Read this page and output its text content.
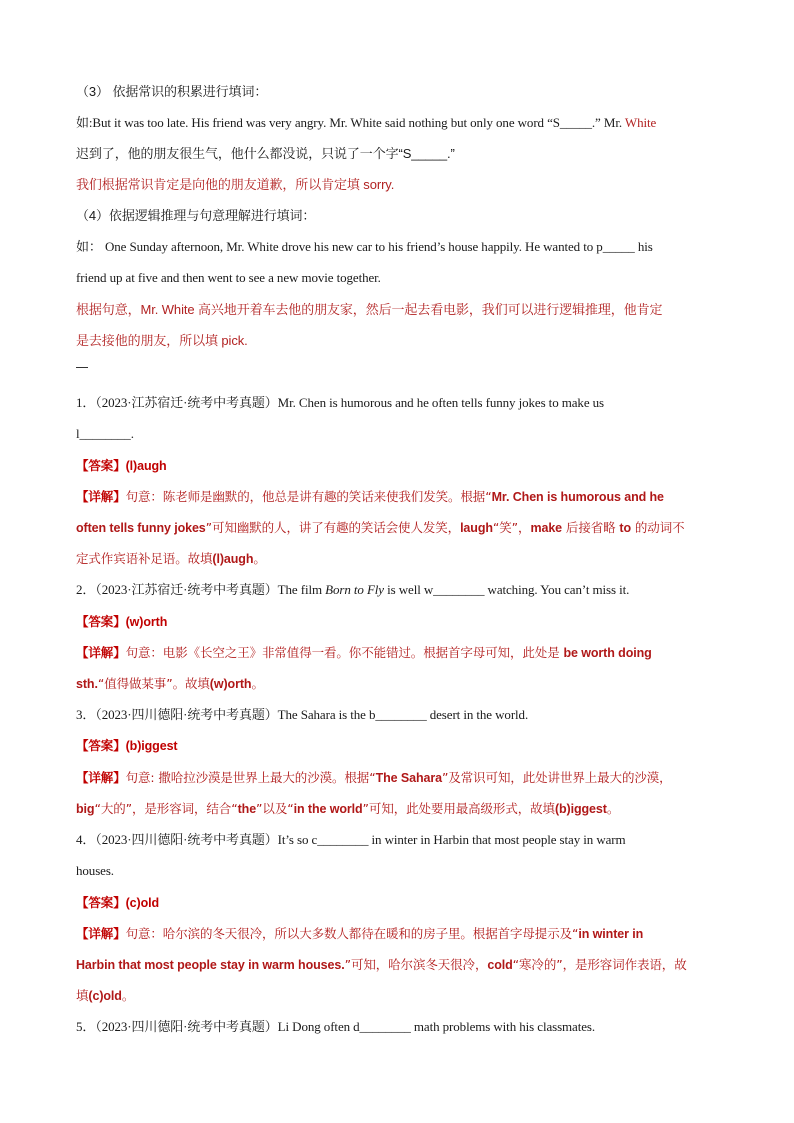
（3） 依据常识的积累进行填词：
如:But it was too late. His friend was very angry. Mr. White said nothing but only one word “S_____.” Mr. White
迟到了，他的朋友很生气，他什么都没说，只说了一个字“S_____.”
我们根据常识肯定是向他的朋友道歉，所以肯定填 sorry.
（4）依据逻辑推理与句意理解进行填词：
如： One Sunday afternoon, Mr. White drove his new car to his friend’s house happily. He wanted to p_____ his
friend up at five and then went to see a new movie together.
根据句意，Mr. White 高兴地开着车去他的朋友家，然后一起去看电影，我们可以进行逻辑推理，他肯定
是去接他的朋友，所以填 pick.
1．（2023·江苏宿迁·统考中考真题）Mr. Chen is humorous and he often tells funny jokes to make us
l________.
【答案】(l)augh
【详解】句意：陈老师是幽默的，他总是讲有趣的笑话来使我们发笑。根据“Mr. Chen is humorous and he
often tells funny jokes”可知幽默的人，讲了有趣的笑话会使人发笑，laugh“笑”，make 后接省略 to 的动词不
定式作宾语补足语。故填(l)augh。
2．（2023·江苏宿迁·统考中考真题）The film Born to Fly is well w________ watching. You can’t miss it.
【答案】(w)orth
【详解】句意：电影《长空之王》非常值得一看。你不能错过。根据首字母可知，此处是 be worth doing
sth.“值得做某事”。故填(w)orth。
3．（2023·四川德阳·统考中考真题）The Sahara is the b________ desert in the world.
【答案】(b)iggest
【详解】句意: 撒哈拉沙漠是世界上最大的沙漠。根据“The Sahara”及常识可知，此处讲世界上最大的沙漠，
big“大的”，是形容词，结合“the”以及“in the world”可知，此处要用最高级形式，故填(b)iggest。
4．（2023·四川德阳·统考中考真题）It’s so c________ in winter in Harbin that most people stay in warm
houses.
【答案】(c)old
【详解】句意：哈尔滨的冬天很冷，所以大多数人都待在暖和的房子里。根据首字母提示及“in winter in
Harbin that most people stay in warm houses.”可知，哈尔滨冬天很冷，cold“寒冷的”，是形容词作表语，故
填(c)old。
5．（2023·四川德阳·统考中考真题）Li Dong often d________ math problems with his classmates.
